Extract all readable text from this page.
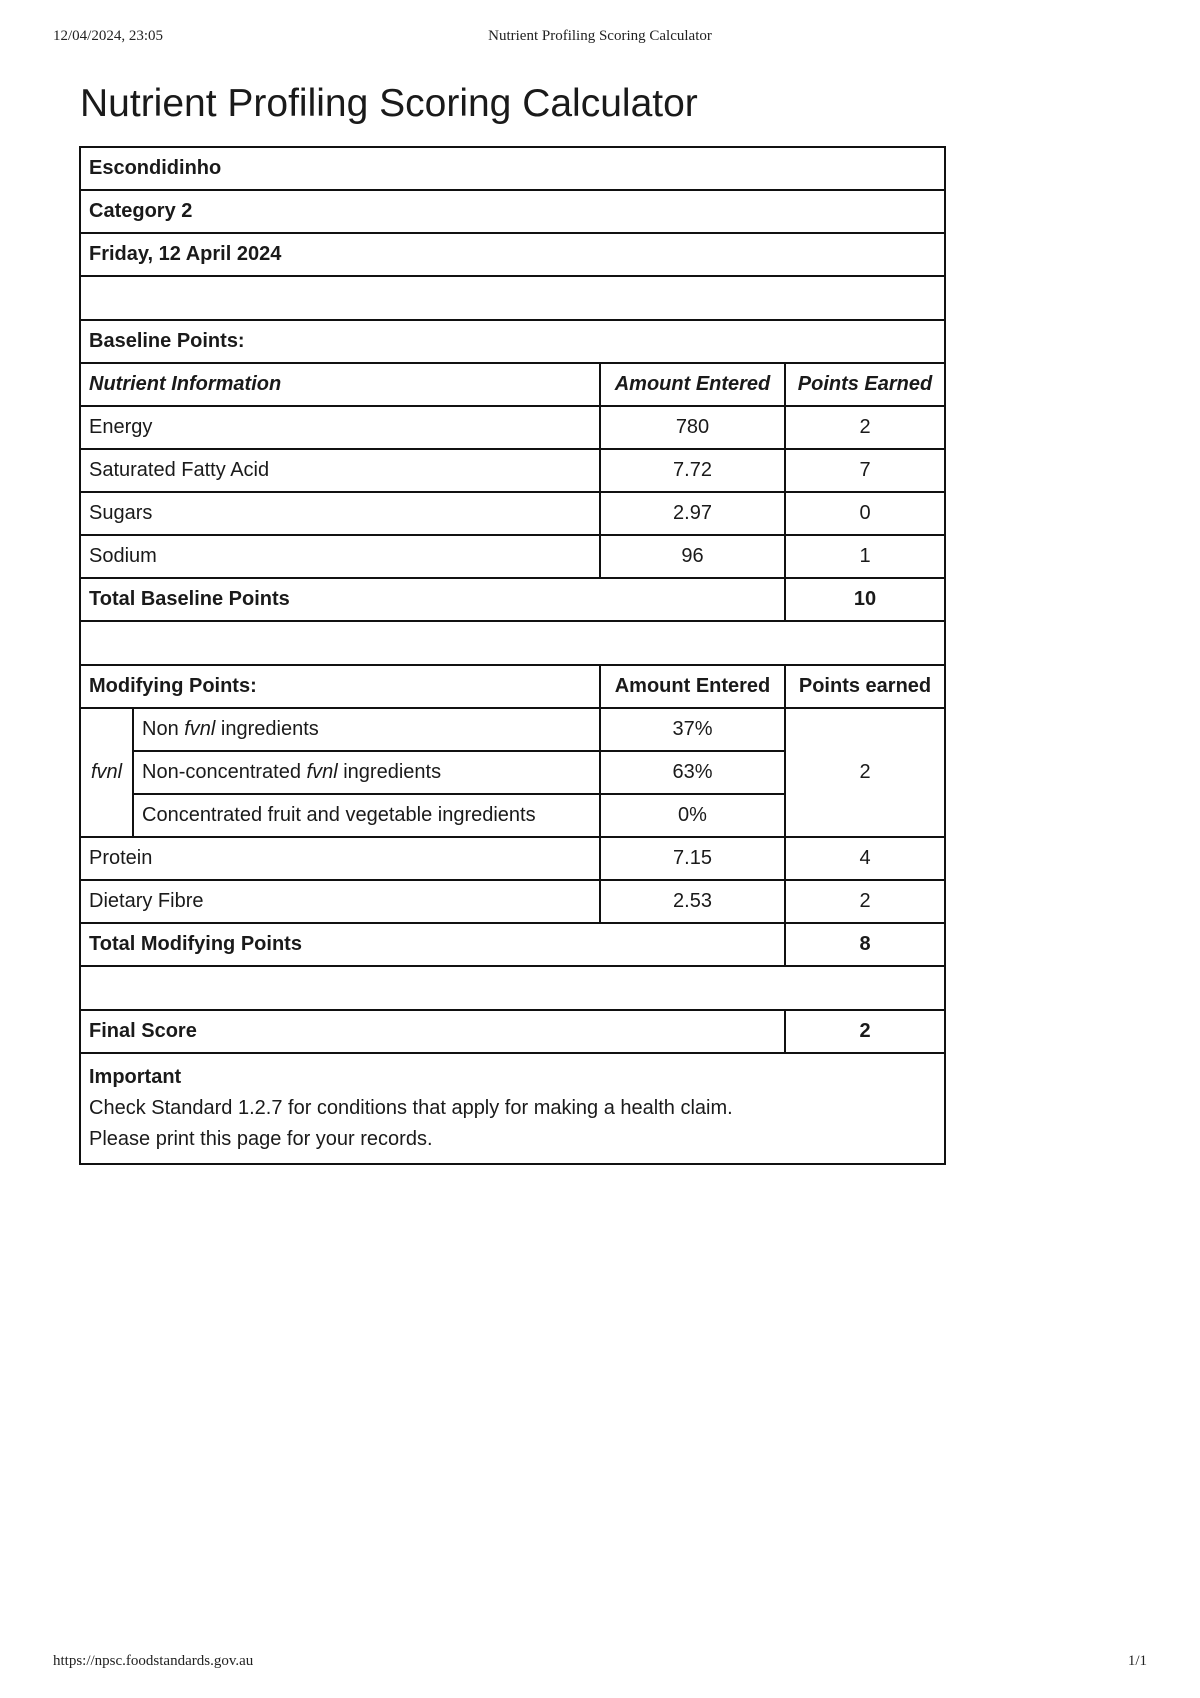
12/04/2024, 23:05	Nutrient Profiling Scoring Calculator
Nutrient Profiling Scoring Calculator
Escondidinho			
Category 2			
Friday, 12 April 2024			

Baseline Points:			
Nutrient Information		Amount Entered	Points Earned
Energy		780	2
Saturated Fatty Acid		7.72	7
Sugars		2.97	0
Sodium		96	1
Total Baseline Points			10

Modifying Points:		Amount Entered	Points earned
fvnl	Non fvnl ingredients	37%	2
	Non-concentrated fvnl ingredients	63%	
	Concentrated fruit and vegetable ingredients	0%	
Protein		7.15	4
Dietary Fibre		2.53	2
Total Modifying Points			8

Final Score			2

Important
Check Standard 1.2.7 for conditions that apply for making a health claim.
Please print this page for your records.			
https://npsc.foodstandards.gov.au	1/1
